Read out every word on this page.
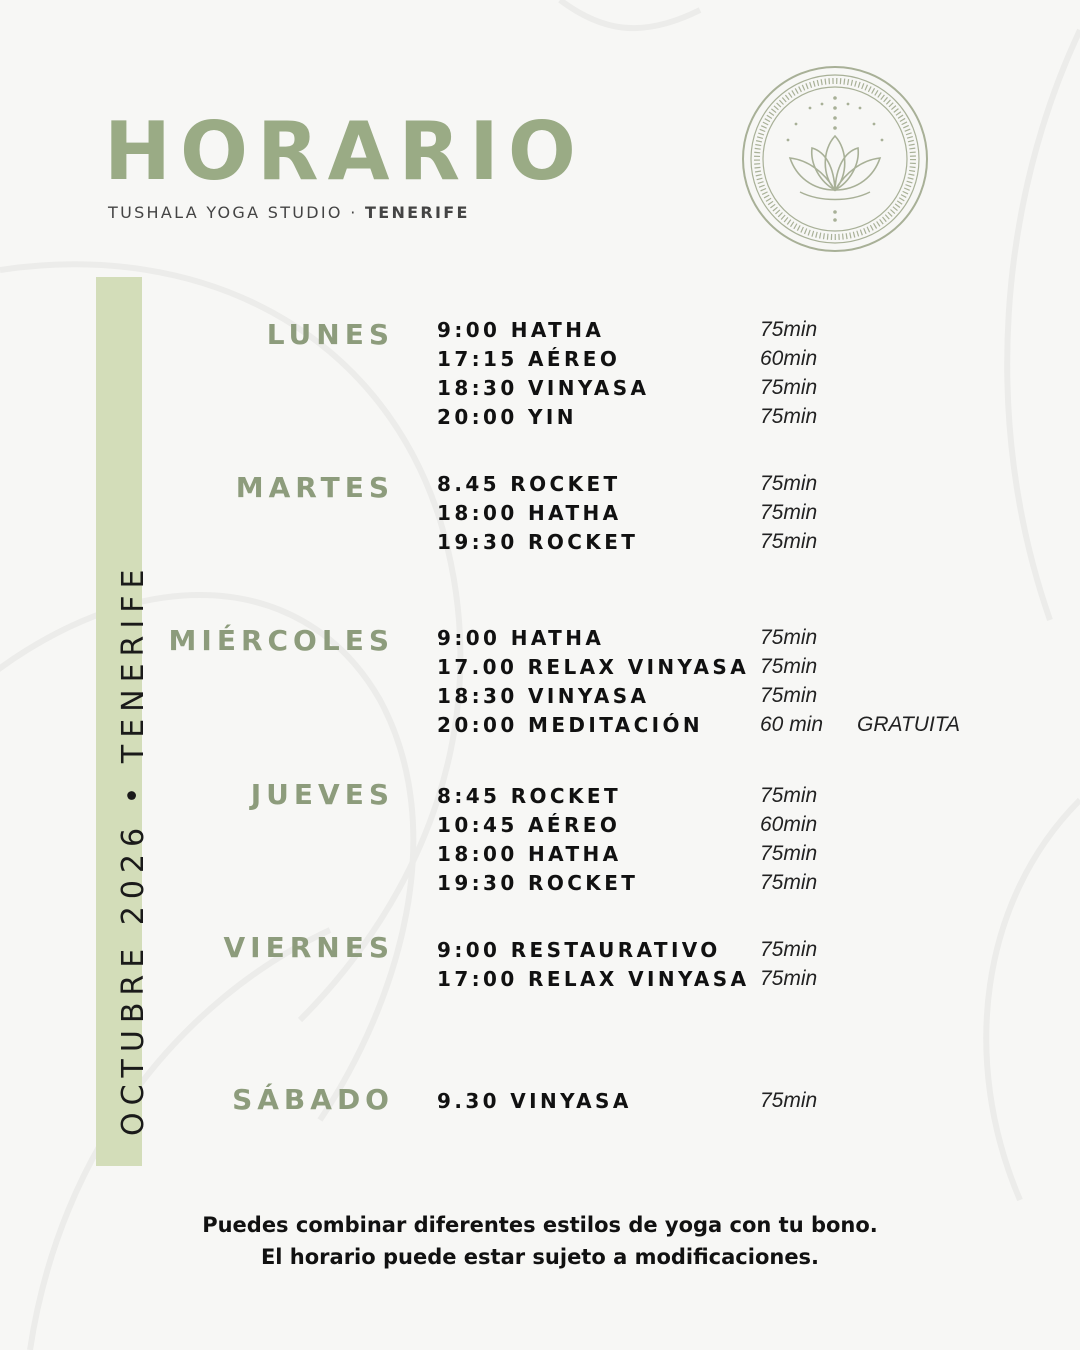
HORARIO
TUSHALA YOGA STUDIO · TENERIFE
OCTUBRE 2026 • TENERIFE
LUNES 9:00 HATHA	75min
17:15 AÉREO	60min
18:30 VINYASA	75min
20:00 YIN	75min
MARTES 8.45 ROCKET	75min
18:00 HATHA	75min
19:30 ROCKET	75min
MIÉRCOLES 9:00 HATHA	75min
17.00 RELAX VINYASA 75min
18:30 VINYASA	75min
20:00 MEDITACIÓN	60 min GRATUITA
JUEVES 8:45 ROCKET	75min
10:45 AÉREO	60min
18:00 HATHA	75min
19:30 ROCKET	75min
VIERNES 9:00 RESTAURATIVO 75min
17:00 RELAX VINYASA 75min
SÁBADO 9.30 VINYASA	75min
Puedes combinar diferentes estilos de yoga con tu bono.
El horario puede estar sujeto a modificaciones.
